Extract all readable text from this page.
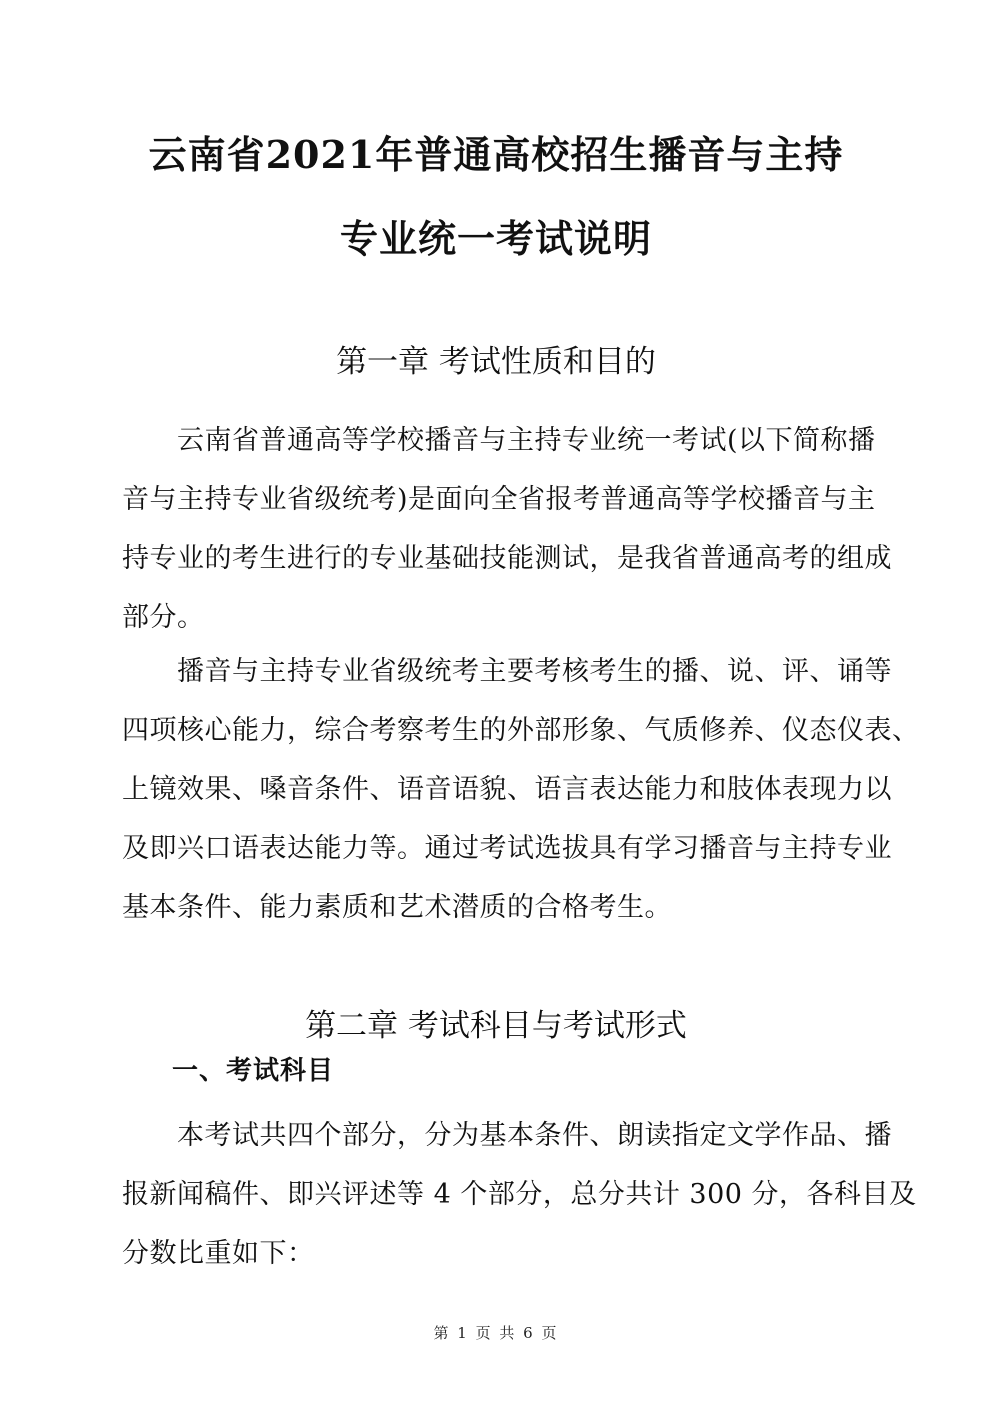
云南省2021年普通高校招生播音与主持
专业统一考试说明
第一章 考试性质和目的

　　云南省普通高等学校播音与主持专业统一考试(以下简称播
音与主持专业省级统考)是面向全省报考普通高等学校播音与主
持专业的考生进行的专业基础技能测试，是我省普通高考的组成
部分。

　　播音与主持专业省级统考主要考核考生的播、说、评、诵等
四项核心能力，综合考察考生的外部形象、气质修养、仪态仪表、
上镜效果、嗓音条件、语音语貌、语言表达能力和肢体表现力以
及即兴口语表达能力等。通过考试选拔具有学习播音与主持专业
基本条件、能力素质和艺术潜质的合格考生。

第二章 考试科目与考试形式
一、考试科目

　　本考试共四个部分，分为基本条件、朗读指定文学作品、播
报新闻稿件、即兴评述等 4 个部分，总分共计 300 分，各科目及
分数比重如下：

第 1 页 共 6 页
